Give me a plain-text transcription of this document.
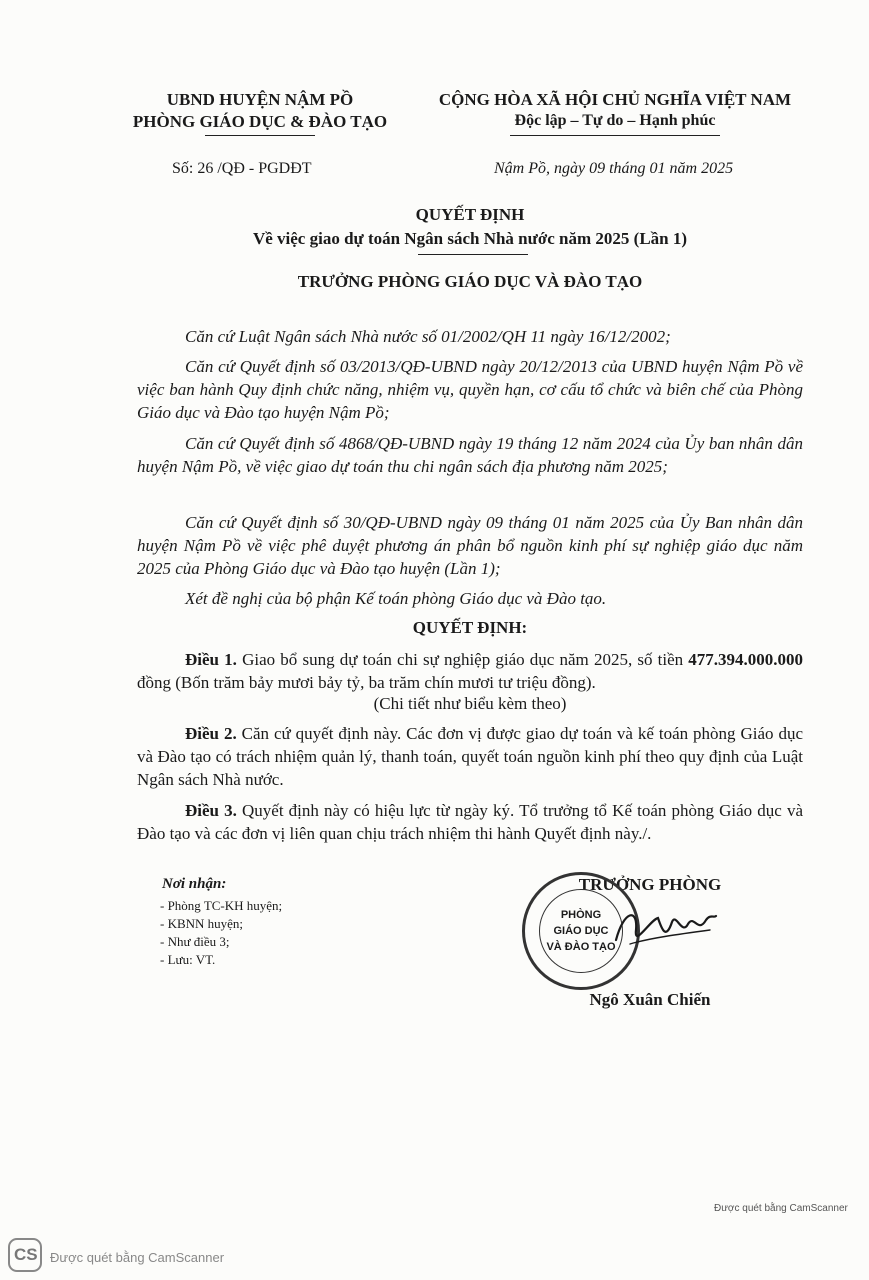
UBND HUYỆN NẬM PỒ
PHÒNG GIÁO DỤC & ĐÀO TẠO
CỘNG HÒA XÃ HỘI CHỦ NGHĨA VIỆT NAM
Độc lập – Tự do – Hạnh phúc
Số: 26 /QĐ - PGDĐT	Nậm Pồ, ngày 09 tháng 01 năm 2025
QUYẾT ĐỊNH
Về việc giao dự toán Ngân sách Nhà nước năm 2025 (Lần 1)
TRƯỞNG PHÒNG GIÁO DỤC VÀ ĐÀO TẠO
Căn cứ Luật Ngân sách Nhà nước số 01/2002/QH 11 ngày 16/12/2002;
Căn cứ Quyết định số 03/2013/QĐ-UBND ngày 20/12/2013 của UBND huyện Nậm Pồ về việc ban hành Quy định chức năng, nhiệm vụ, quyền hạn, cơ cấu tổ chức và biên chế của Phòng Giáo dục và Đào tạo huyện Nậm Pồ;
Căn cứ Quyết định số 4868/QĐ-UBND ngày 19 tháng 12 năm 2024 của Ủy ban nhân dân huyện Nậm Pồ, về việc giao dự toán thu chi ngân sách địa phương năm 2025;
Căn cứ Quyết định số 30/QĐ-UBND ngày 09 tháng 01 năm 2025 của Ủy Ban nhân dân huyện Nậm Pồ về việc phê duyệt phương án phân bổ nguồn kinh phí sự nghiệp giáo dục năm 2025 của Phòng Giáo dục và Đào tạo huyện (Lần 1);
Xét đề nghị của bộ phận Kế toán phòng Giáo dục và Đào tạo.
QUYẾT ĐỊNH:
Điều 1. Giao bổ sung dự toán chi sự nghiệp giáo dục năm 2025, số tiền 477.394.000.000 đồng (Bốn trăm bảy mươi bảy tỷ, ba trăm chín mươi tư triệu đồng).
(Chi tiết như biểu kèm theo)
Điều 2. Căn cứ quyết định này. Các đơn vị được giao dự toán và kế toán phòng Giáo dục và Đào tạo có trách nhiệm quản lý, thanh toán, quyết toán nguồn kinh phí theo quy định của Luật Ngân sách Nhà nước.
Điều 3. Quyết định này có hiệu lực từ ngày ký. Tổ trưởng tổ Kế toán phòng Giáo dục và Đào tạo và các đơn vị liên quan chịu trách nhiệm thi hành Quyết định này./.
Nơi nhận:
- Phòng TC-KH huyện;
- KBNN huyện;
- Như điều 3;
- Lưu: VT.
TRƯỞNG PHÒNG
PHÒNG
GIÁO DỤC
VÀ ĐÀO TẠO
Ngô Xuân Chiến
Được quét bằng CamScanner
CS Được quét bằng CamScanner
